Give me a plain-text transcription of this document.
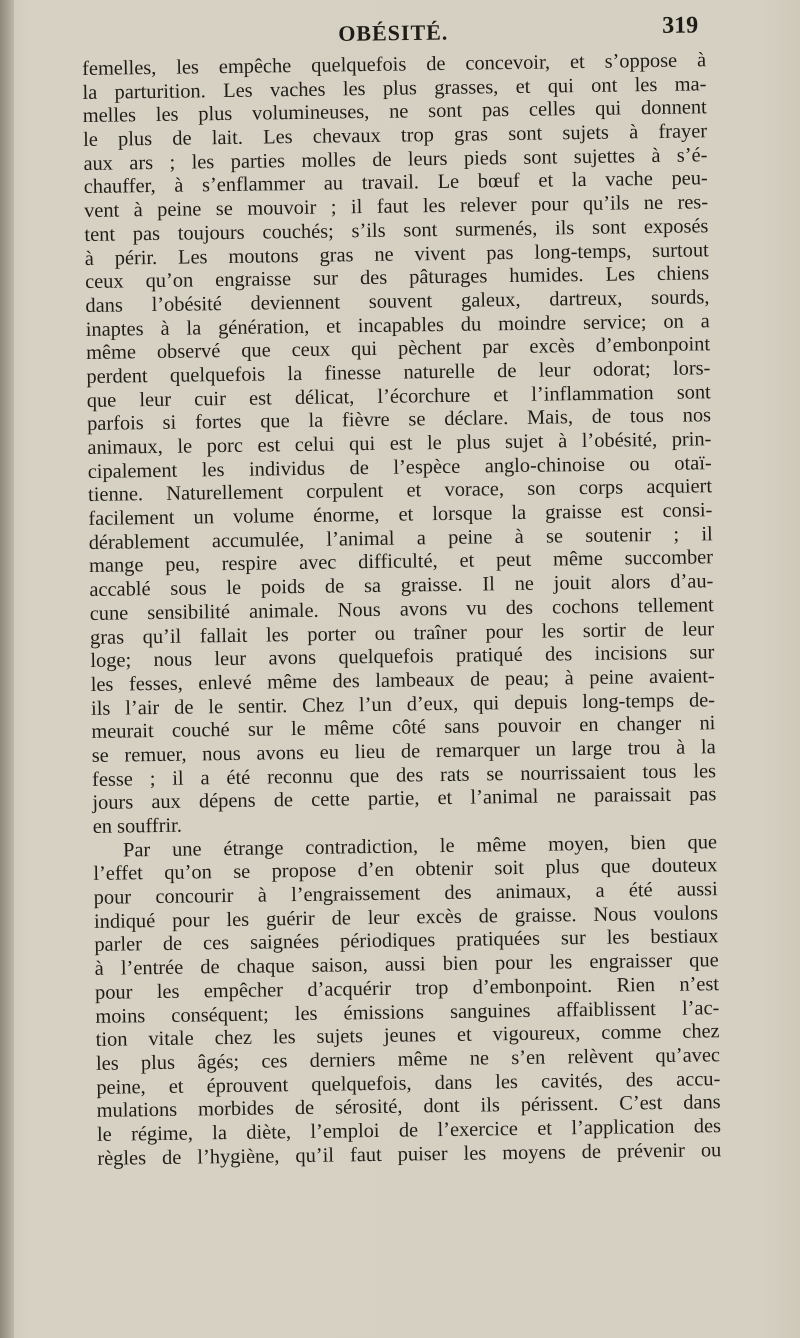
OBÉSITÉ.	319
femelles, les empêche quelquefois de concevoir, et s’oppose à
la parturition. Les vaches les plus grasses, et qui ont les ma-
melles les plus volumineuses, ne sont pas celles qui donnent
le plus de lait. Les chevaux trop gras sont sujets à frayer
aux ars ; les parties molles de leurs pieds sont sujettes à s’é-
chauffer, à s’enflammer au travail. Le bœuf et la vache peu-
vent à peine se mouvoir ; il faut les relever pour qu’ils ne res-
tent pas toujours couchés; s’ils sont surmenés, ils sont exposés
à périr. Les moutons gras ne vivent pas long-temps, surtout
ceux qu’on engraisse sur des pâturages humides. Les chiens
dans l’obésité deviennent souvent galeux, dartreux, sourds,
inaptes à la génération, et incapables du moindre service; on a
même observé que ceux qui pèchent par excès d’embonpoint
perdent quelquefois la finesse naturelle de leur odorat; lors-
que leur cuir est délicat, l’écorchure et l’inflammation sont
parfois si fortes que la fièvre se déclare. Mais, de tous nos
animaux, le porc est celui qui est le plus sujet à l’obésité, prin-
cipalement les individus de l’espèce anglo-chinoise ou otaï-
tienne. Naturellement corpulent et vorace, son corps acquiert
facilement un volume énorme, et lorsque la graisse est consi-
dérablement accumulée, l’animal a peine à se soutenir ; il
mange peu, respire avec difficulté, et peut même succomber
accablé sous le poids de sa graisse. Il ne jouit alors d’au-
cune sensibilité animale. Nous avons vu des cochons tellement
gras qu’il fallait les porter ou traîner pour les sortir de leur
loge; nous leur avons quelquefois pratiqué des incisions sur
les fesses, enlevé même des lambeaux de peau; à peine avaient-
ils l’air de le sentir. Chez l’un d’eux, qui depuis long-temps de-
meurait couché sur le même côté sans pouvoir en changer ni
se remuer, nous avons eu lieu de remarquer un large trou à la
fesse ; il a été reconnu que des rats se nourrissaient tous les
jours aux dépens de cette partie, et l’animal ne paraissait pas
en souffrir.
Par une étrange contradiction, le même moyen, bien que
l’effet qu’on se propose d’en obtenir soit plus que douteux
pour concourir à l’engraissement des animaux, a été aussi
indiqué pour les guérir de leur excès de graisse. Nous voulons
parler de ces saignées périodiques pratiquées sur les bestiaux
à l’entrée de chaque saison, aussi bien pour les engraisser que
pour les empêcher d’acquérir trop d’embonpoint. Rien n’est
moins conséquent; les émissions sanguines affaiblissent l’ac-
tion vitale chez les sujets jeunes et vigoureux, comme chez
les plus âgés; ces derniers même ne s’en relèvent qu’avec
peine, et éprouvent quelquefois, dans les cavités, des accu-
mulations morbides de sérosité, dont ils périssent. C’est dans
le régime, la diète, l’emploi de l’exercice et l’application des
règles de l’hygiène, qu’il faut puiser les moyens de prévenir ou
